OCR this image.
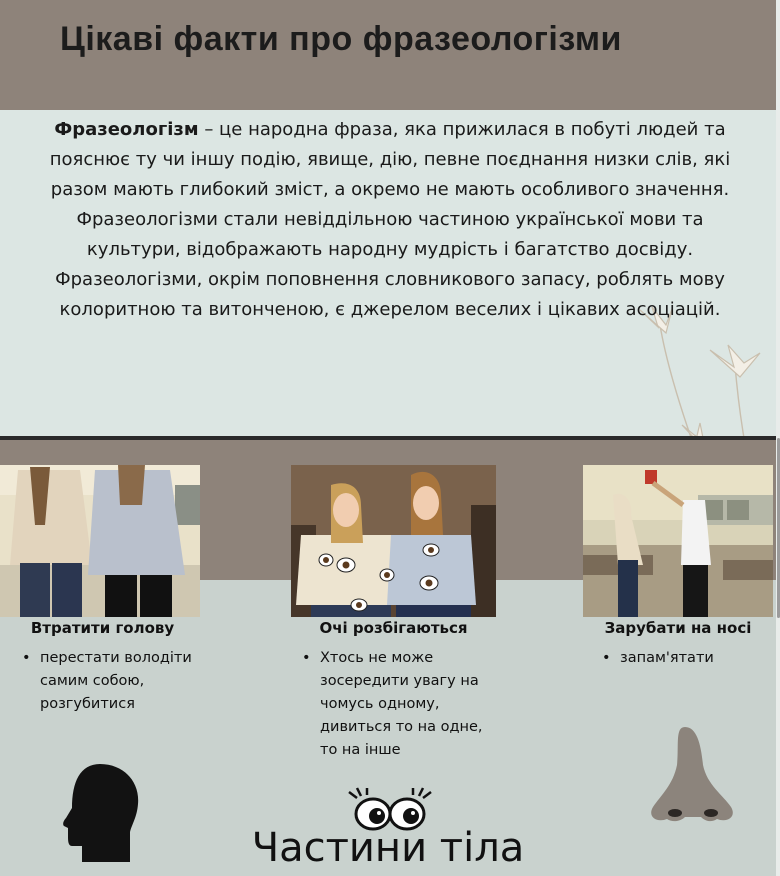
Цікаві факти про фразеологізми

Фразеологізм – це народна фраза, яка прижилася в побуті людей та пояснює ту чи іншу подію, явище, дію, певне поєднання низки слів, які разом мають глибокий зміст, а окремо не мають особливого значення.
Фразеологізми стали невіддільною частиною української мови та культури, відображають народну мудрість і багатство досвіду.
Фразеологізми, окрім поповнення словникового запасу, роблять мову колоритною та витонченою, є джерелом веселих і цікавих асоціацій.

Втратити голову	Очі розбігаються	Зарубати на носі
• перестати володіти самим собою, розгубитися
• Хтось не може зосередити увагу на чомусь одному, дивиться то на одне, то на інше
• запам'ятати
Частини тіла
